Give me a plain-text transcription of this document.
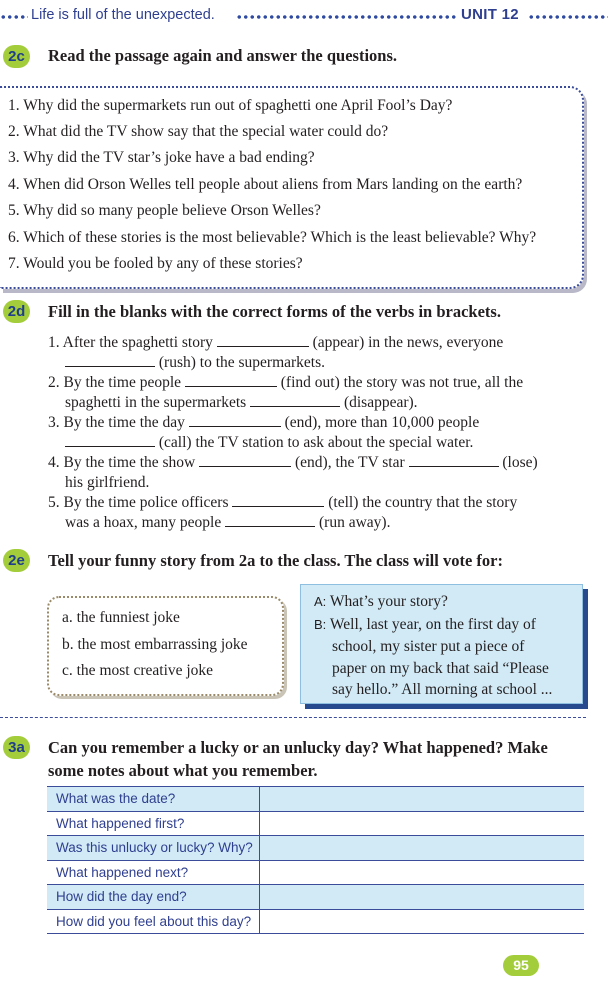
Life is full of the unexpected.	UNIT 12
2c	Read the passage again and answer the questions.
1. Why did the supermarkets run out of spaghetti one April Fool’s Day?
2. What did the TV show say that the special water could do?
3. Why did the TV star’s joke have a bad ending?
4. When did Orson Welles tell people about aliens from Mars landing on the earth?
5. Why did so many people believe Orson Welles?
6. Which of these stories is the most believable? Which is the least believable? Why?
7. Would you be fooled by any of these stories?
2d Fill in the blanks with the correct forms of the verbs in brackets.
1. After the spaghetti story	(appear) in the news, everyone
(rush) to the supermarkets.
2. By the time people	(find out) the story was not true, all the
spaghetti in the supermarkets	(disappear).
3. By the time the day	(end), more than 10,000 people
(call) the TV station to ask about the special water.
4. By the time the show	(end), the TV star	(lose)
his girlfriend.
5. By the time police officers	(tell) the country that the story
was a hoax, many people	(run away).
2e	Tell your funny story from 2a to the class. The class will vote for:
a. the funniest joke
b. the most embarrassing joke
c. the most creative joke
A: What’s your story?
B: Well, last year, on the first day of
school, my sister put a piece of
paper on my back that said “Please
say hello.” All morning at school ...
3a	Can you remember a lucky or an unlucky day? What happened? Make
some notes about what you remember.
What was the date?	
What happened first?	
Was this unlucky or lucky? Why?	
What happened next?	
How did the day end?	
How did you feel about this day?	
95
